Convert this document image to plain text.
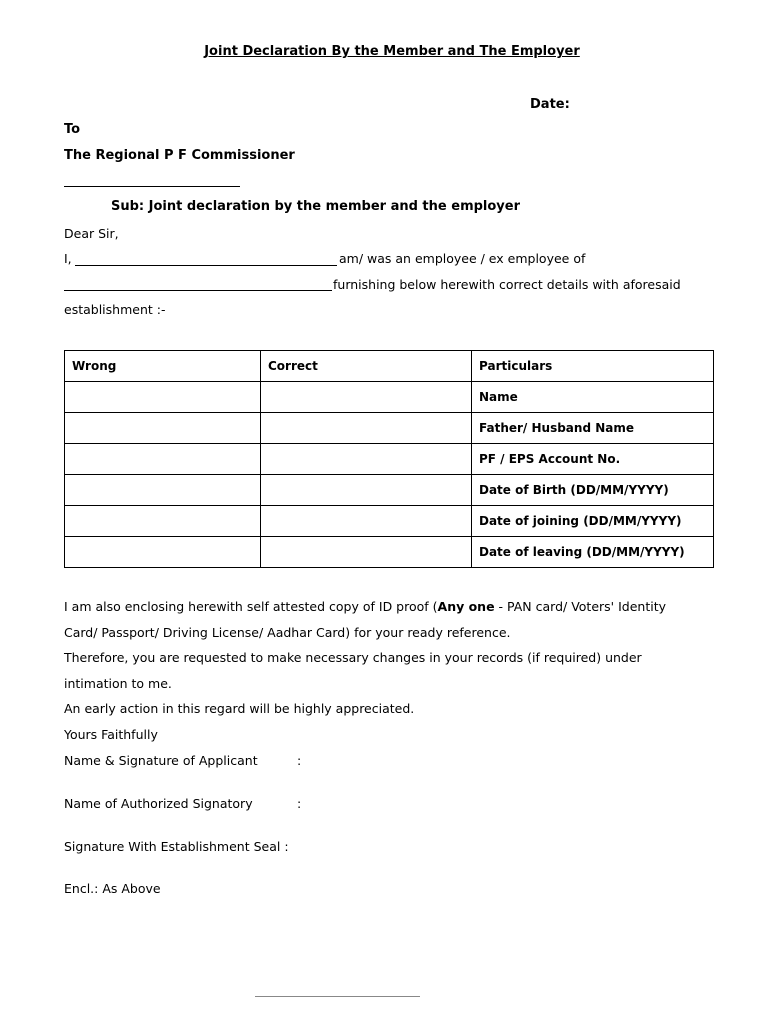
Joint Declaration By the Member and The Employer
Date:
To
The Regional P F Commissioner
Sub: Joint declaration by the member and the employer
Dear Sir,
I,	am/ was an employee / ex employee of
furnishing below herewith correct details with aforesaid
establishment :-
Wrong	Correct	Particulars
		Name
		Father/ Husband Name
		PF / EPS Account No.
		Date of Birth (DD/MM/YYYY)
		Date of joining (DD/MM/YYYY)
		Date of leaving (DD/MM/YYYY)
I am also enclosing herewith self attested copy of ID proof (Any one - PAN card/ Voters' Identity
Card/ Passport/ Driving License/ Aadhar Card) for your ready reference.
Therefore, you are requested to make necessary changes in your records (if required) under
intimation to me.
An early action in this regard will be highly appreciated.
Yours Faithfully
Name & Signature of Applicant	:
Name of Authorized Signatory	:
Signature With Establishment Seal :
Encl.: As Above
